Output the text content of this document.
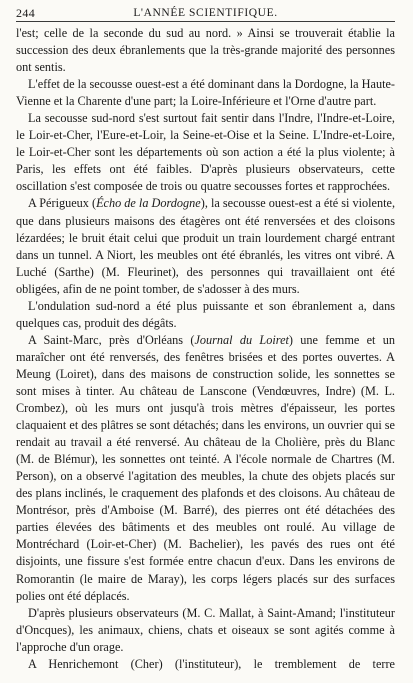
244	L'ANNÉE SCIENTIFIQUE.

l'est; celle de la seconde du sud au nord. » Ainsi se trouverait établie la succession des deux ébranlements que la très-grande majorité des personnes ont sentis.

L'effet de la secousse ouest-est a été dominant dans la Dordogne, la Haute-Vienne et la Charente d'une part; la Loire-Inférieure et l'Orne d'autre part.

La secousse sud-nord s'est surtout fait sentir dans l'Indre, l'Indre-et-Loire, le Loir-et-Cher, l'Eure-et-Loir, la Seine-et-Oise et la Seine. L'Indre-et-Loire, le Loir-et-Cher sont les départements où son action a été la plus violente; à Paris, les effets ont été faibles. D'après plusieurs observateurs, cette oscillation s'est composée de trois ou quatre secousses fortes et rapprochées.

A Périgueux (Écho de la Dordogne), la secousse ouest-est a été si violente, que dans plusieurs maisons des étagères ont été renversées et des cloisons lézardées; le bruit était celui que produit un train lourdement chargé entrant dans un tunnel. A Niort, les meubles ont été ébranlés, les vitres ont vibré. A Luché (Sarthe) (M. Fleurinet), des personnes qui travaillaient ont été obligées, afin de ne point tomber, de s'adosser à des murs.

L'ondulation sud-nord a été plus puissante et son ébranlement a, dans quelques cas, produit des dégâts.

A Saint-Marc, près d'Orléans (Journal du Loiret) une femme et un maraîcher ont été renversés, des fenêtres brisées et des portes ouvertes. A Meung (Loiret), dans des maisons de construction solide, les sonnettes se sont mises à tinter. Au château de Lanscone (Vendœuvres, Indre) (M. L. Crombez), où les murs ont jusqu'à trois mètres d'épaisseur, les portes claquaient et des plâtres se sont détachés; dans les environs, un ouvrier qui se rendait au travail a été renversé. Au château de la Cholière, près du Blanc (M. de Blémur), les sonnettes ont teinté. A l'école normale de Chartres (M. Person), on a observé l'agitation des meubles, la chute des objets placés sur des plans inclinés, le craquement des plafonds et des cloisons. Au château de Montrésor, près d'Amboise (M. Barré), des pierres ont été détachées des parties élevées des bâtiments et des meubles ont roulé. Au village de Montréchard (Loir-et-Cher) (M. Bachelier), les pavés des rues ont été disjoints, une fissure s'est formée entre chacun d'eux. Dans les environs de Romorantin (le maire de Maray), les corps légers placés sur des surfaces polies ont été déplacés.

D'après plusieurs observateurs (M. C. Mallat, à Saint-Amand; l'instituteur d'Oncques), les animaux, chiens, chats et oiseaux se sont agités comme à l'approche d'un orage.

A Henrichemont (Cher) (l'instituteur), le tremblement de terre
